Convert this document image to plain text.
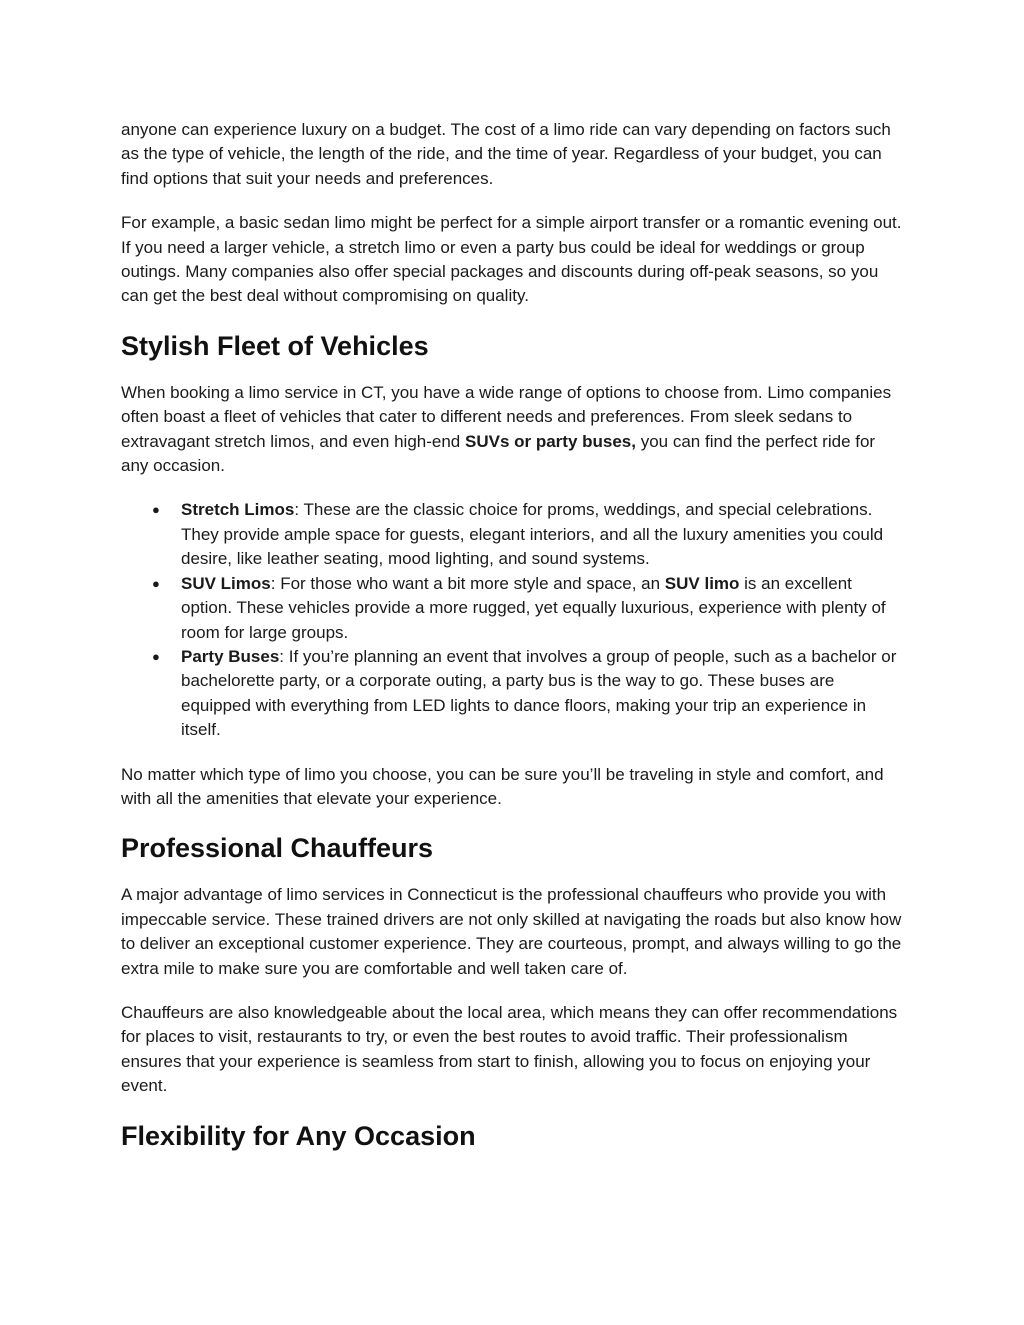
anyone can experience luxury on a budget. The cost of a limo ride can vary depending on factors such as the type of vehicle, the length of the ride, and the time of year. Regardless of your budget, you can find options that suit your needs and preferences.

For example, a basic sedan limo might be perfect for a simple airport transfer or a romantic evening out. If you need a larger vehicle, a stretch limo or even a party bus could be ideal for weddings or group outings. Many companies also offer special packages and discounts during off-peak seasons, so you can get the best deal without compromising on quality.

Stylish Fleet of Vehicles

When booking a limo service in CT, you have a wide range of options to choose from. Limo companies often boast a fleet of vehicles that cater to different needs and preferences. From sleek sedans to extravagant stretch limos, and even high-end SUVs or party buses, you can find the perfect ride for any occasion.

● Stretch Limos: These are the classic choice for proms, weddings, and special celebrations. They provide ample space for guests, elegant interiors, and all the luxury amenities you could desire, like leather seating, mood lighting, and sound systems.
● SUV Limos: For those who want a bit more style and space, an SUV limo is an excellent option. These vehicles provide a more rugged, yet equally luxurious, experience with plenty of room for large groups.
● Party Buses: If you’re planning an event that involves a group of people, such as a bachelor or bachelorette party, or a corporate outing, a party bus is the way to go. These buses are equipped with everything from LED lights to dance floors, making your trip an experience in itself.

No matter which type of limo you choose, you can be sure you’ll be traveling in style and comfort, and with all the amenities that elevate your experience.

Professional Chauffeurs

A major advantage of limo services in Connecticut is the professional chauffeurs who provide you with impeccable service. These trained drivers are not only skilled at navigating the roads but also know how to deliver an exceptional customer experience. They are courteous, prompt, and always willing to go the extra mile to make sure you are comfortable and well taken care of.

Chauffeurs are also knowledgeable about the local area, which means they can offer recommendations for places to visit, restaurants to try, or even the best routes to avoid traffic. Their professionalism ensures that your experience is seamless from start to finish, allowing you to focus on enjoying your event.

Flexibility for Any Occasion
